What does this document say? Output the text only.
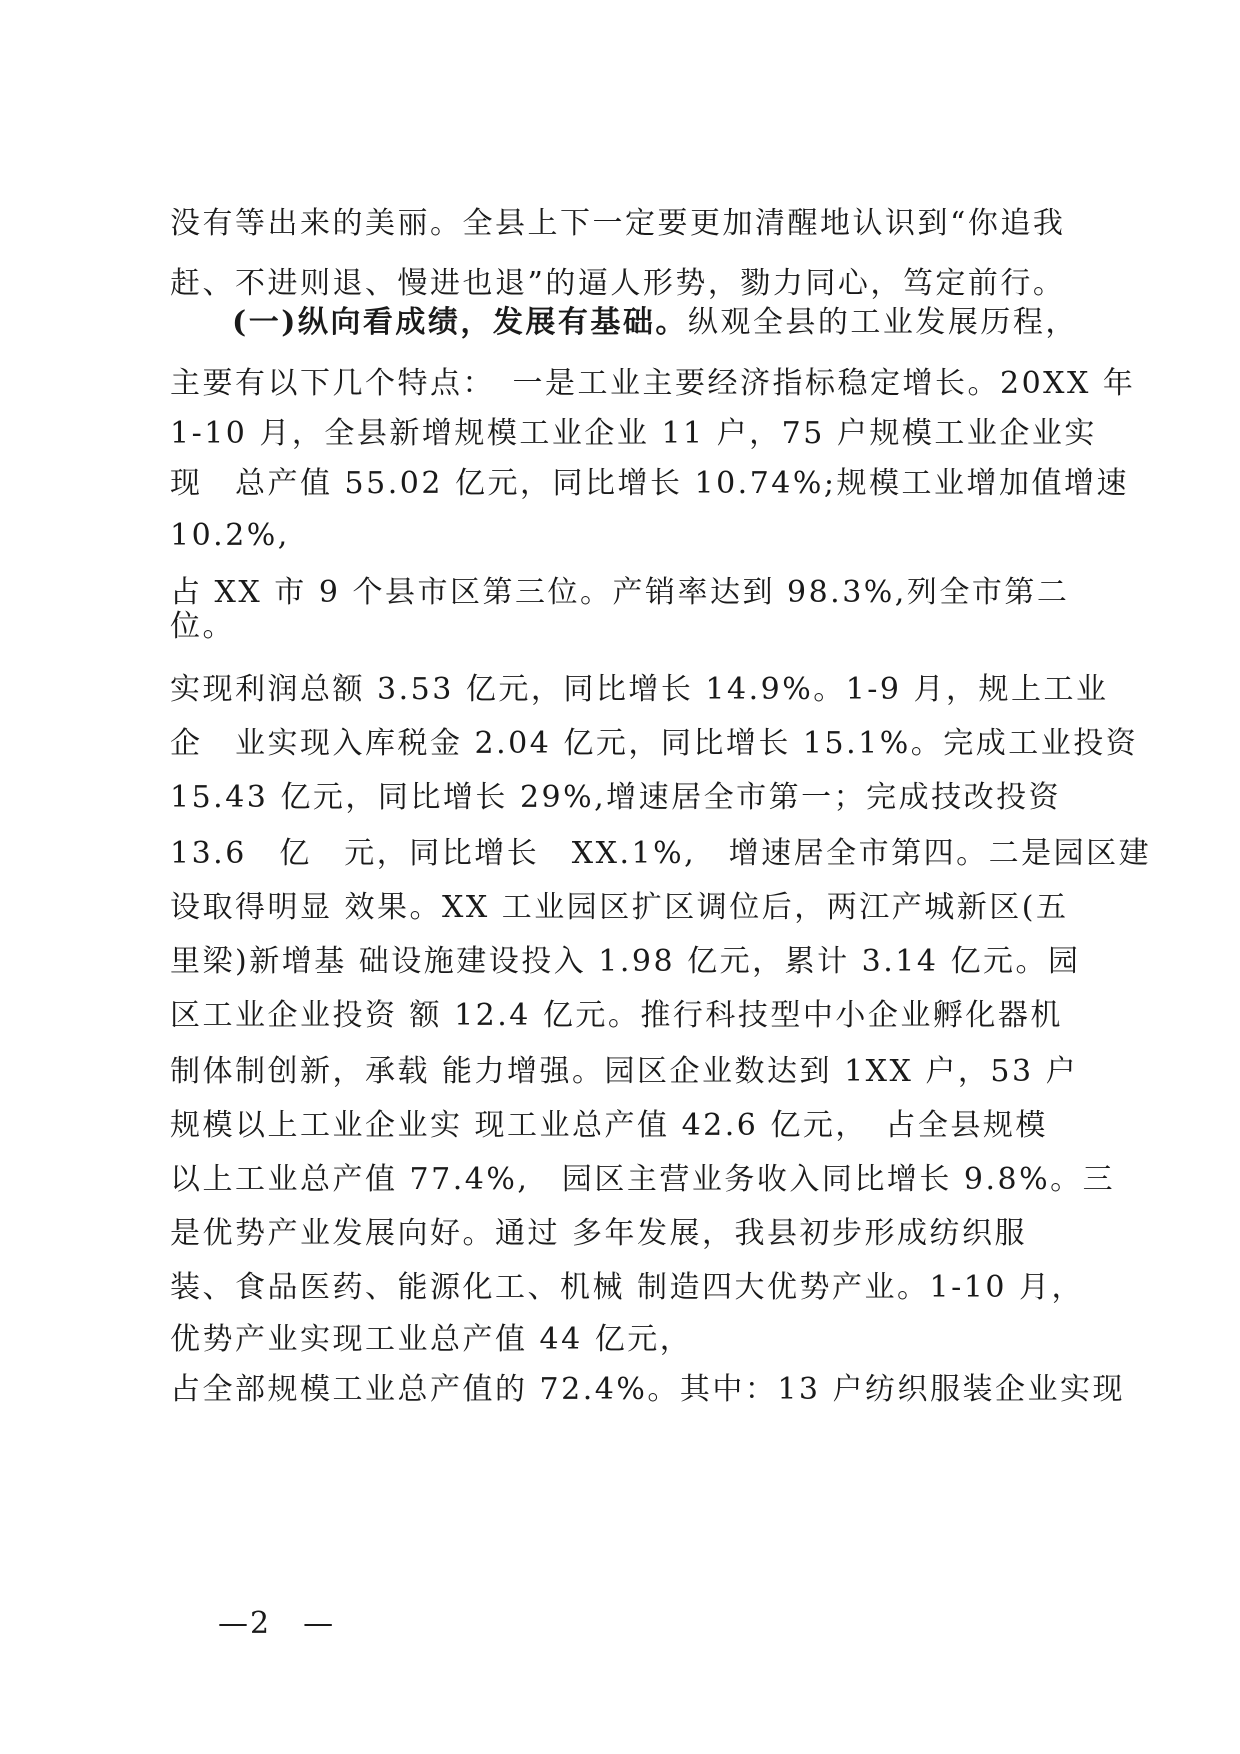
没有等出来的美丽。全县上下一定要更加清醒地认识到“你追我
赶、不进则退、慢进也退”的逼人形势，勠力同心，笃定前行。
(一)纵向看成绩，发展有基础。纵观全县的工业发展历程，
主要有以下几个特点：　一是工业主要经济指标稳定增长。20XX 年
1-10 月，全县新增规模工业企业 11 户，75 户规模工业企业实
现　总产值 55.02 亿元，同比增长 10.74%;规模工业增加值增速
10.2%,
占 XX 市 9 个县市区第三位。产销率达到 98.3%,列全市第二
位。
实现利润总额 3.53 亿元，同比增长 14.9%。1-9 月，规上工业
企　业实现入库税金 2.04 亿元，同比增长 15.1%。完成工业投资
15.43 亿元，同比增长 29%,增速居全市第一；完成技改投资
13.6　亿　元，同比增长　XX.1%,　增速居全市第四。二是园区建
设取得明显 效果。XX 工业园区扩区调位后，两江产城新区(五
里梁)新增基 础设施建设投入 1.98 亿元，累计 3.14 亿元。园
区工业企业投资 额 12.4 亿元。推行科技型中小企业孵化器机
制体制创新，承载 能力增强。园区企业数达到 1XX 户，53 户
规模以上工业企业实 现工业总产值 42.6 亿元，　占全县规模
以上工业总产值 77.4%,　园区主营业务收入同比增长 9.8%。三
是优势产业发展向好。通过 多年发展，我县初步形成纺织服
装、食品医药、能源化工、机械 制造四大优势产业。1-10 月，
优势产业实现工业总产值 44 亿元，
占全部规模工业总产值的 72.4%。其中：13 户纺织服装企业实现
—2　—
